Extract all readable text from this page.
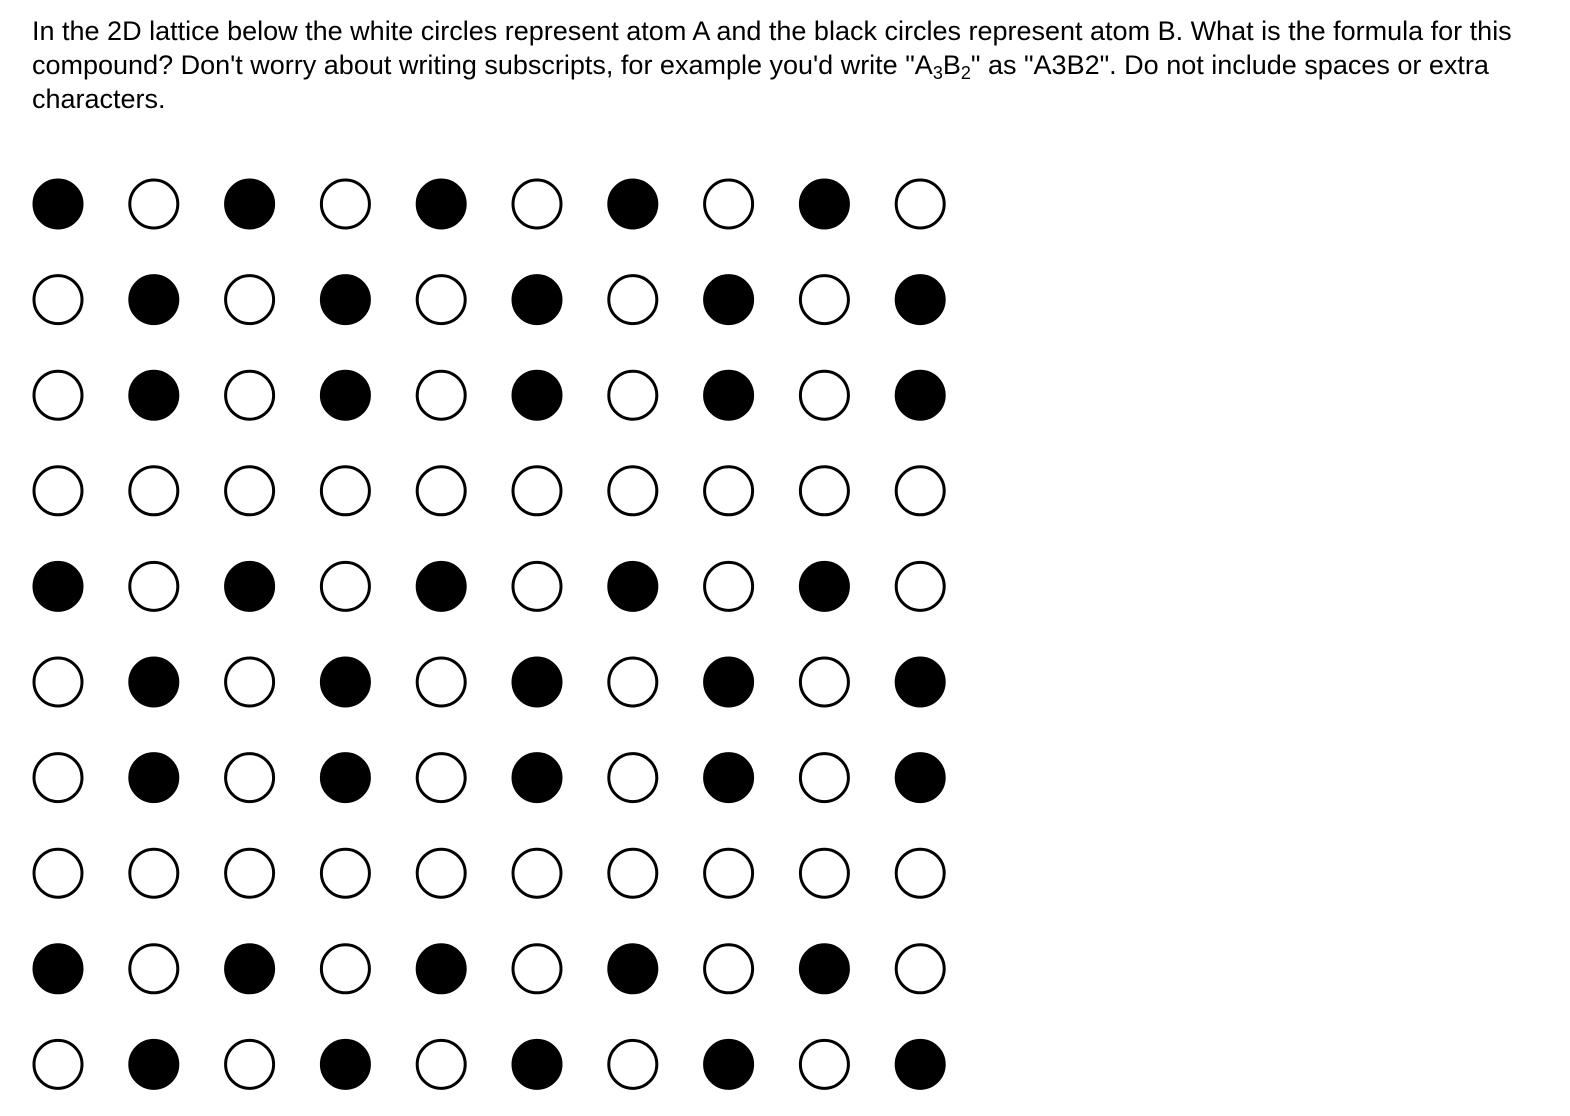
In the 2D lattice below the white circles represent atom A and the black circles represent atom B. What is the formula for this compound? Don't worry about writing subscripts, for example you'd write "$A_3B_2$" as "A3B2". Do not include spaces or extra characters.
